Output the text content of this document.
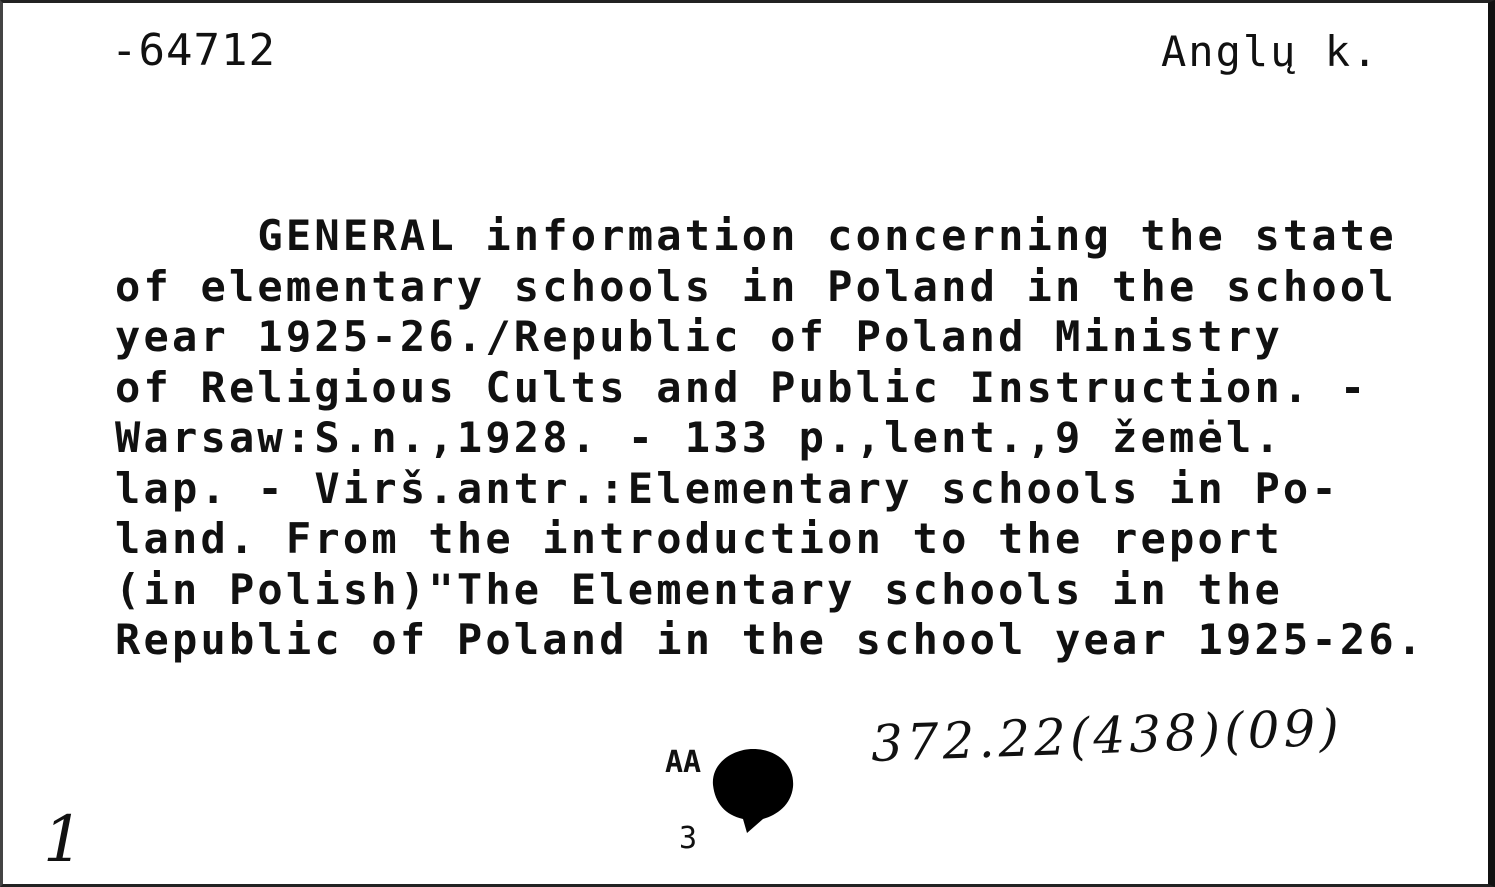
-64712	Anglų k.
GENERAL information concerning the state
of elementary schools in Poland in the school
year 1925-26./Republic of Poland Ministry
of Religious Cults and Public Instruction. -
Warsaw:S.n.,1928. - 133 p.,lent.,9 žemėl.
lap. - Virš.antr.:Elementary schools in Po-
land. From the introduction to the report
(in Polish)"The Elementary schools in the
Republic of Poland in the school year 1925-26.
AA
3
372.22(438)(09)
1
